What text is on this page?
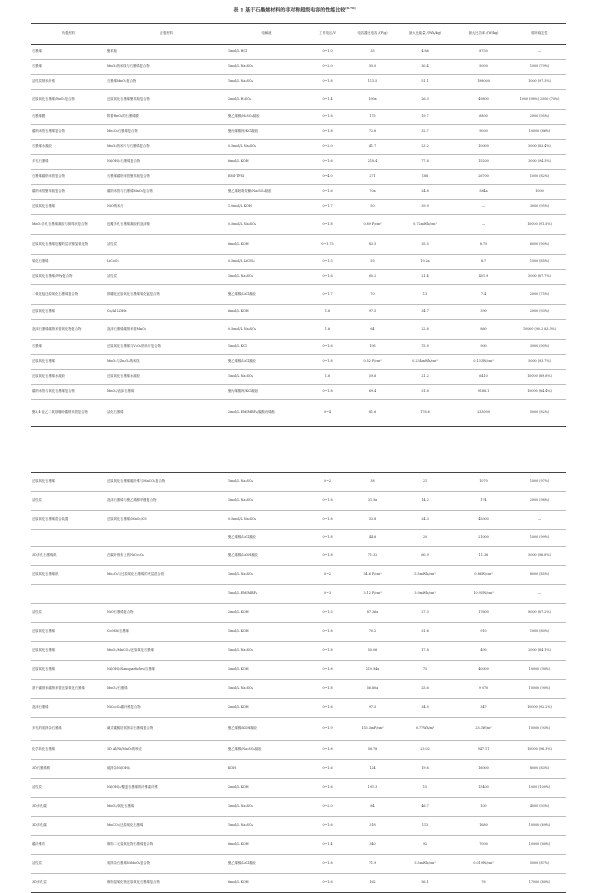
表 1 基于石墨烯材料的非对称超级电容的性能比较[8-70]
负极材料	正极材料	电解液	工作电压/V	电容器比电容 /(F/g)	最大比能量 /(Wh/kg)	最大比功率 /(W/kg)	循环稳定性
石墨烯	聚苯胺	1mol/L HCl	0~1.0	35	4.86	8750	—
石墨烯	MnO₂纳米线与石墨烯复合物	1mol/L Na₂SO₄	0~2.0	55.0	30.4	5000	1000 (79%)
活性炭纳米纤维	石墨烯MnO₂复合物	1mol/L Na₂SO₄	0~1.8	113.5	51.1	198000	1000 (97.3%)
还原氧化石墨烯/RuO₂复合物	还原氧化石墨烯聚苯胺复合物	2mol/L H₂SO₄	0~1.4	100a	26.3	49800	1000 (98%) 2500 (70%)
石墨烯膜	附着RuO₂的石墨烯膜	聚乙烯醇/H₂SO₄凝胶	0~1.8	175	19.7	6800	2000 (95%)
碳纳米管石墨烯复合物	Mn₃O₄石墨烯复合物	聚丙烯酸钾/KCl凝胶	0~1.8	72.6	32.7	9000	10000 (86%)
石墨烯水凝胶	MnO₂纳米片与石墨烯复合物	0.5mol/L Na₂SO₄	0~2.0	41.7	23.2	10000	5000 (83.4%)
多孔石墨烯	Ni(OH)₂石墨烯复合物	6mol/L KOH	0~1.6	218.4	77.8	15200	3000 (94.3%)
石墨烯碳纳米管复合物	石墨烯碳纳米管聚苯胺复合物	EMI-TFSI	0~4.0	271	188	26700	1000 (82%)
碳纳米管聚苯胺复合物	碳纳米管与石墨烯MnO₂复合物	聚乙烯吡咯烷酮/Na₂SO₄凝胶	0~1.6	70a	24.8	584a	1000
还原氧化石墨烯	NiO纳米片	1.0mol/L KOH	0~1.7	50	39.9	—	3000 (95%)
MnO₂多孔石墨烯凝胶与微珠状复合物	包覆多孔石墨烯凝胶的泡沫镍	0.5mol/L Na₂SO₄	0~1.8	0.89 F/cm²	0.72mWh/cm³	—	10000 (91.5%)
还原氧化石墨烯包覆的层状镍氢氧化物	活性炭	6mol/L KOH	0~1.75	83.5	35.5	8.75	6000 (90%)
氧化石墨烯	LiCoO₂	0.5mol/L LiClO₄	0~1.5	59	19.2a	8.7	1500 (85%)
还原氧化石墨烯/PPy复合物	活性炭	1mol/L Na₂SO₄	0~1.6	60.2	21.4	451.9	5000 (87.7%)
二氧化锰还原氧化石墨烯复合物	掺硼化还原氧化石墨烯氧化锰复合物	聚乙烯醇/LiCl凝胶	0~1.7	70	13	7.4	2000 (75%)
还原氧化石墨烯	Co/Al LDHs	6mol/L KOH	1.6	97.5	34.7	390	2000 (93%)
泡沫石墨烯碳纳米管氧化物复合物	泡沫石墨烯碳纳米管MnO₂	0.5mol/L Na₂SO₄	1.6	64	22.8	860	10000 (90.2 83.3%)
石墨烯	还原氧化石墨烯与V₂O₅纳米片复合物	1mol/L KCl	0~1.6	195	75.9	900	3000 (90%)
还原氧化石墨烯	MnO₂与Zn₂O₄纳米线	聚乙烯醇/LiCl凝胶	0~1.8	0.52 F/cm²	0.234mWh/cm³	0.133W/cm³	5000 (93.7%)
还原氧化石墨烯水凝胶	还原氧化石墨烯水凝胶	1mol/L Na₂SO₄	1.6	59.6	21.2	6410	10000 (89.6%)
碳纳米管与氧化石墨烯复合物	MnO₂/泡沫石墨烯	聚丙烯酸钾/KCl凝胶	0~1.8	69.4	31.8	9188.1	10000 (84.4%)
聚3,4-亚乙二氧基噻吩碳纳米管复合物	活化石墨烯	2mol/L EMIMBF₄/碳酸丙烯酯	0~4	81.6	176.6	233000	5000 (82%)
还原氧化石墨烯	还原氧化石墨烯碳纤维与MnCO₃复合物	1mol/L Na₂SO₄	0~2	38	21	1070	1000 (97%)
活性炭	泡沫石墨烯与聚乙烯醇甲醛复合物	1mol/L Na₂SO₄	0~1.8	31.5a	14.2	174	2000 (98%)
还原氧化石墨烯混合装置	还原氧化石墨烯/MnO₂/CS	0.5mol/L Na₂SO₄	0~1.8	53.8	24.3	45000	—
		聚乙烯醇/LiCl凝胶	0~1.8	44.6	20	21000	1000 (99%)
3D多孔石墨烯纸	在碳纤维布上的NiCo₂O₄	聚乙烯醇/LiOH凝胶	0~1.8	71.32	60.9	11.36	5000 (96.8%)
还原氧化石墨烯纸	Mn₃O₄与还原氧化石墨烯的夹层混合纸	1mol/L Na₂SO₄	0~2	54.6 F/cm³	5.5mWh/cm³	0.86W/cm³	8000 (85%)
		1mol/L EMIMBF₄	0~3	3.12 F/cm³	3.9mWh/cm³	10.95W/cm³	—
活性炭	NiO石墨烯复合物	2mol/L KOH	0~1.5	87.36a	27.3	17600	8000 (87.2%)
还原氧化石墨烯	Co9S8/石墨烯	1mol/L KOH	0~1.8	70.2	31.6	910	1000 (80%)
还原氧化石墨烯	MnO₂/MnCO₃/还原氧化石墨烯	1mol/L Na₂SO₄	0~1.8	50.06	17.8	400	2000 (84.1%)
还原氧化石墨烯	Ni(OH)₂Nanoparticles/石墨烯	2mol/L KOH	0~1.8	210.94a	75	40000	10000 (90%)
基于碳纳米碳纳米管还原氧化石墨烯	MnO₂/石墨烯	1mol/L Na₂SO₄	0~1.8	56.80a	25.6	9 070	10000 (90%)
泡沫石墨烯	NiCo₂O₄碳纤维复合物	2mol/L KOH	0~1.6	97.5	34.5	347	10000 (92.2%)
多孔的氮掺杂石墨烯	碱式碳酸钴氮掺杂石墨烯复合物	聚乙烯醇/KOH凝胶	0~1.9	153.3mF/cm²	0.77Wh/m²	25.3W/m²	10000 (93%)
化学转化石墨烯	3D Al/Ni/MnO₂的核壳	聚乙烯醇/Na₂SO₄凝胶	0~1.8	58.78	23.02	947.11	10000 (96.3%)
3D石墨烯网	硫掺杂Ni(OH)₂	KOH	0~1.6	124	19.6	16000	8000 (83%)
活性炭	Ni(OH)₂/覆盖石墨烯的纤维素纤维	2mol/L KOH	0~1.6	191.3	15	15400	1000 (100%)
3D多孔碳	MnO₂/氧化石墨烯	1mol/L Na₂SO₄	0~2.0	84	46.7	100	4000 (93%)
3D多孔碳	MnCO₃/还原氧化石墨烯	1mol/L Na₂SO₄	0~1.6	318	113	1680	10000 (69%)
碳纤维布	修饰二元氢氧化物石墨烯复合物	6mol/L KOH	0~1.4	340	92	7000	10000 (80%)
活性炭	氮掺杂石墨烯NiMoO₄复合物	聚乙烯醇/LiCl凝胶	0~1.8	71.9	3.5mWh/cm³	0.019W/cm³	5000 (87%)
3D多孔炭	修饰氢氧化物还原氧化石墨烯复合物	6mol/L KOH	0~1.6	162	56.1	76	17000 (80%)
